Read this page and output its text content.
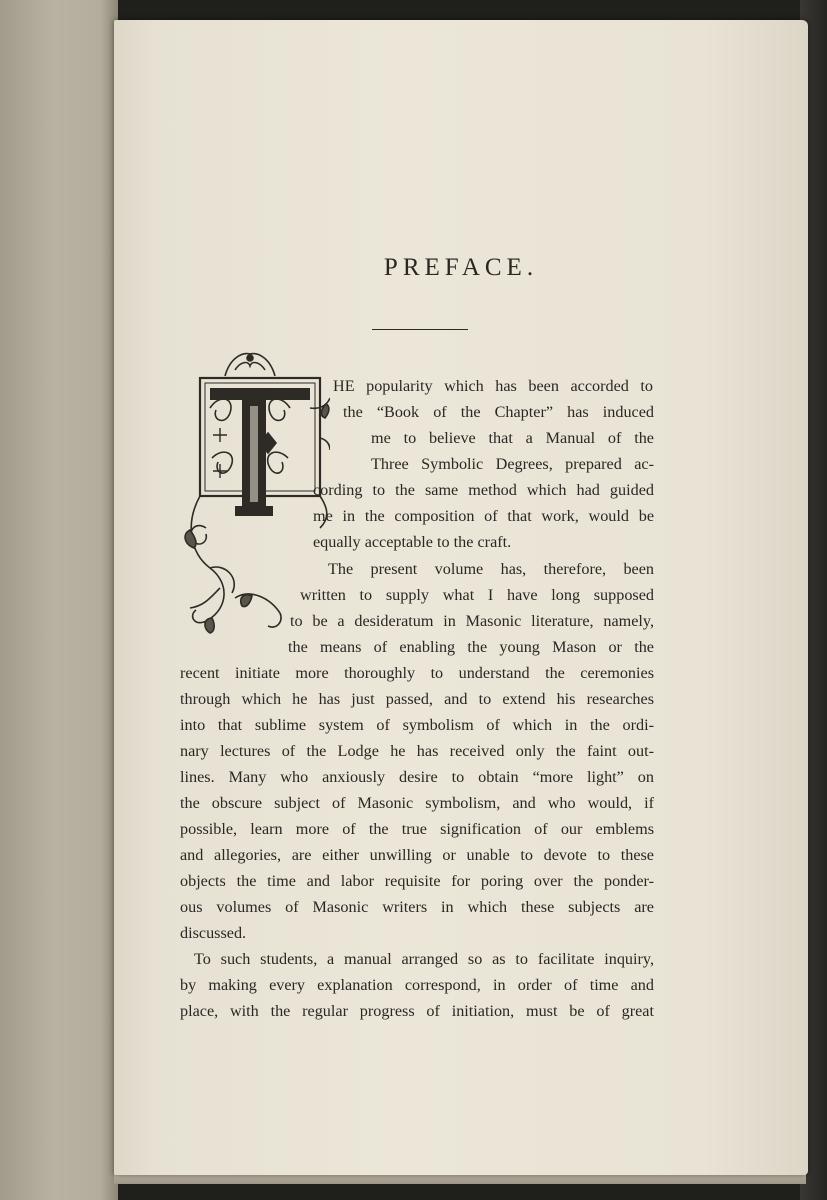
PREFACE.
HE popularity which has been accorded to
the “Book of the Chapter” has induced
me to believe that a Manual of the
Three Symbolic Degrees, prepared ac-
cording to the same method which had guided
me in the composition of that work, would be
equally acceptable to the craft.
The present volume has, therefore, been
written to supply what I have long supposed
to be a desideratum in Masonic literature, namely,
the means of enabling the young Mason or the
recent initiate more thoroughly to understand the ceremonies
through which he has just passed, and to extend his researches
into that sublime system of symbolism of which in the ordi-
nary lectures of the Lodge he has received only the faint out-
lines. Many who anxiously desire to obtain “more light” on
the obscure subject of Masonic symbolism, and who would, if
possible, learn more of the true signification of our emblems
and allegories, are either unwilling or unable to devote to these
objects the time and labor requisite for poring over the ponder-
ous volumes of Masonic writers in which these subjects are
discussed.
To such students, a manual arranged so as to facilitate inquiry,
by making every explanation correspond, in order of time and
place, with the regular progress of initiation, must be of great
